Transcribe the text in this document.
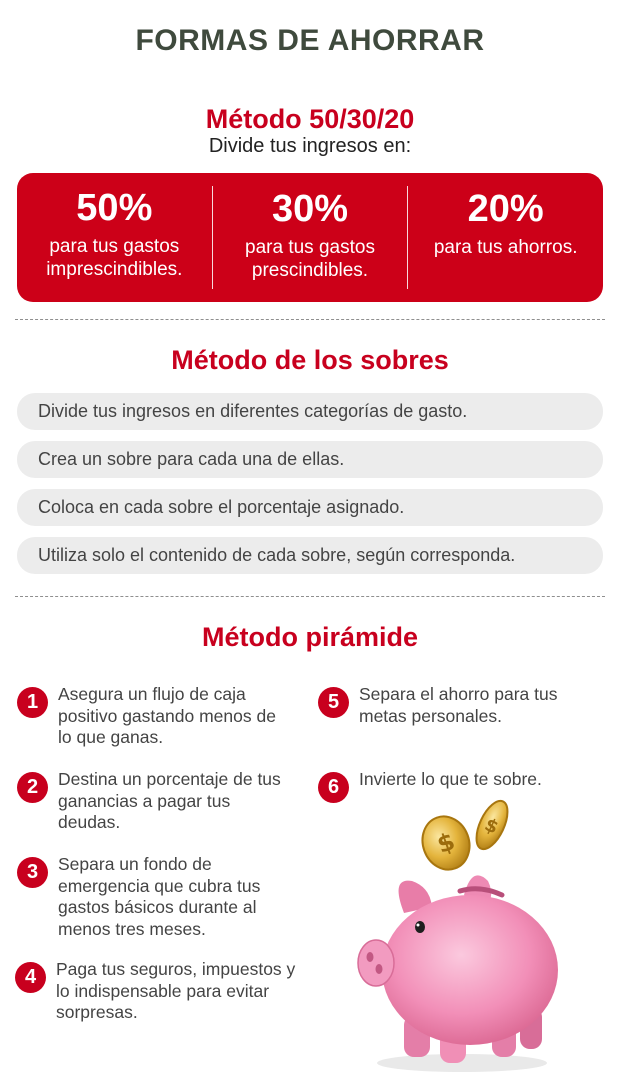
FORMAS DE AHORRAR
Método 50/30/20
Divide tus ingresos en:
50%
para tus gastos imprescindibles.
30%
para tus gastos prescindibles.
20%
para tus ahorros.
Método de los sobres
Divide tus ingresos en diferentes categorías de gasto.
Crea un sobre para cada una de ellas.
Coloca en cada sobre el porcentaje asignado.
Utiliza solo el contenido de cada sobre, según corresponda.
Método pirámide
1	Asegura un flujo de caja positivo gastando menos de lo que ganas.
2	Destina un porcentaje de tus ganancias a pagar tus deudas.
3	Separa un fondo de emergencia que cubra tus gastos básicos durante al menos tres meses.
4	Paga tus seguros, impuestos y lo indispensable para evitar sorpresas.
5	Separa el ahorro para tus metas personales.
6	Invierte lo que te sobre.
$
$
